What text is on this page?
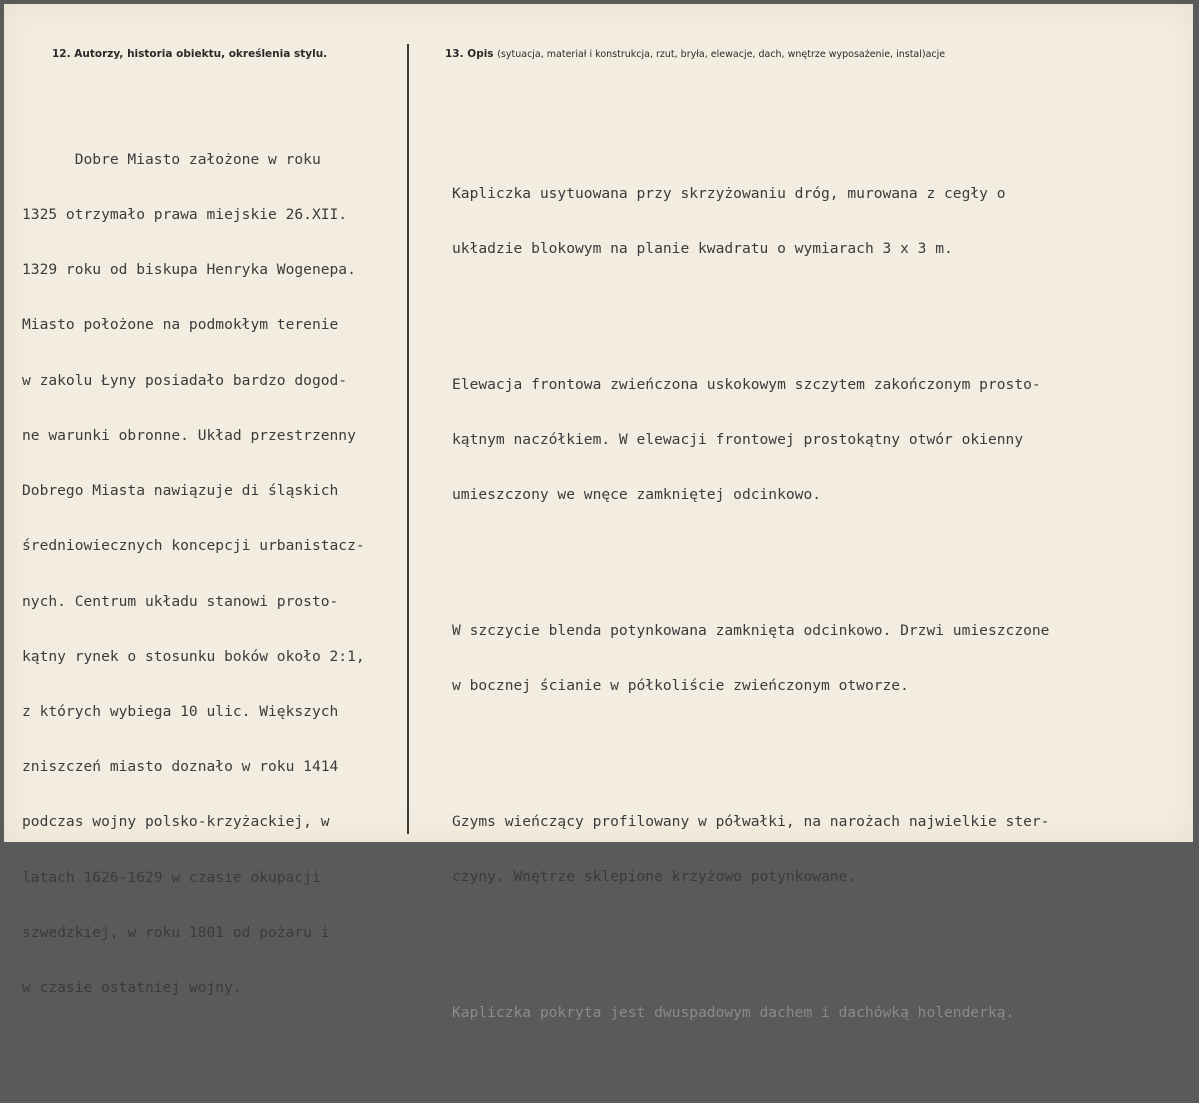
12. Autorzy, historia obiektu, określenia stylu.	13. Opis (sytuacja, materiał i konstrukcja, rzut, bryła, elewacje, dach, wnętrze wyposażenie, instal)acje

Dobre Miasto założone w roku

1325 otrzymało prawa miejskie 26.XII.

1329 roku od biskupa Henryka Wogenepa.

Miasto położone na podmokłym terenie

w zakolu Łyny posiadało bardzo dogod-

ne warunki obronne. Układ przestrzenny

Dobrego Miasta nawiązuje di śląskich

średniowiecznych koncepcji urbanistacz-

nych. Centrum układu stanowi prosto-

kątny rynek o stosunku boków około 2:1,

z których wybiega 10 ulic. Większych

zniszczeń miasto doznało w roku 1414

podczas wojny polsko-krzyżackiej, w

latach 1626-1629 w czasie okupacji

szwedzkiej, w roku 1801 od pożaru i

w czasie ostatniej wojny.

Kapliczka usytuowana przy skrzyżowaniu dróg, murowana z cegły o

układzie blokowym na planie kwadratu o wymiarach 3 x 3 m.

Elewacja frontowa zwieńczona uskokowym szczytem zakończonym prosto-

kątnym naczółkiem. W elewacji frontowej prostokątny otwór okienny

umieszczony we wnęce zamkniętej odcinkowo.

W szczycie blenda potynkowana zamknięta odcinkowo. Drzwi umieszczone

w bocznej ścianie w półkoliście zwieńczonym otworze.

Gzyms wieńczący profilowany w półwałki, na narożach najwielkie ster-

czyny. Wnętrze sklepione krzyżowo potynkowane.

Kapliczka pokryta jest dwuspadowym dachem i dachówką holenderką.
